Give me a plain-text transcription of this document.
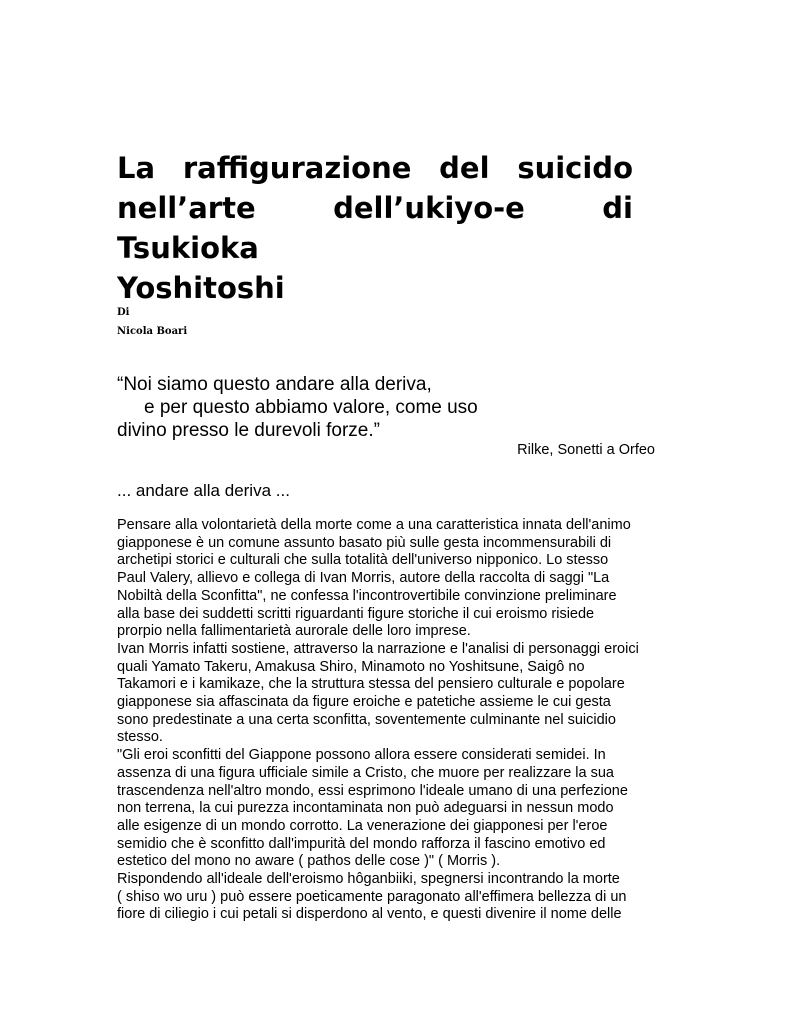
La raffigurazione del suicido
nell’arte dell’ukiyo-e di Tsukioka
Yoshitoshi
Di
Nicola Boari
“Noi siamo questo andare alla deriva,
e per questo abbiamo valore, come uso
divino presso le durevoli forze.”
Rilke, Sonetti a Orfeo
... andare alla deriva ...
Pensare alla volontarietà della morte come a una caratteristica innata dell'animo
giapponese è un comune assunto basato più sulle gesta incommensurabili di
archetipi storici e culturali che sulla totalità dell'universo nipponico. Lo stesso
Paul Valery, allievo e collega di Ivan Morris, autore della raccolta di saggi "La
Nobiltà della Sconfitta", ne confessa l'incontrovertibile convinzione preliminare
alla base dei suddetti scritti riguardanti figure storiche il cui eroismo risiede
prorpio nella fallimentarietà aurorale delle loro imprese.
Ivan Morris infatti sostiene, attraverso la narrazione e l'analisi di personaggi eroici
quali Yamato Takeru, Amakusa Shiro, Minamoto no Yoshitsune, Saigô no
Takamori e i kamikaze, che la struttura stessa del pensiero culturale e popolare
giapponese sia affascinata da figure eroiche e patetiche assieme le cui gesta
sono predestinate a una certa sconfitta, soventemente culminante nel suicidio
stesso.
"Gli eroi sconfitti del Giappone possono allora essere considerati semidei. In
assenza di una figura ufficiale simile a Cristo, che muore per realizzare la sua
trascendenza nell'altro mondo, essi esprimono l'ideale umano di una perfezione
non terrena, la cui purezza incontaminata non può adeguarsi in nessun modo
alle esigenze di un mondo corrotto. La venerazione dei giapponesi per l'eroe
semidio che è sconfitto dall'impurità del mondo rafforza il fascino emotivo ed
estetico del mono no aware ( pathos delle cose )" ( Morris ).
Rispondendo all'ideale dell'eroismo hôganbiiki, spegnersi incontrando la morte
( shiso wo uru ) può essere poeticamente paragonato all'effimera bellezza di un
fiore di ciliegio i cui petali si disperdono al vento, e questi divenire il nome delle
